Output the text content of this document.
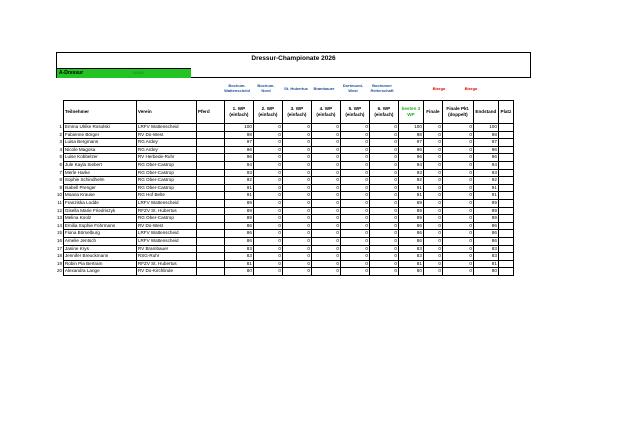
Dressur-Championate 2026
A-Dressur	LK6,6
Bochum-
Wattenscheid
Bochum-
Nord	St. Hubertus	Brambauer
Dortmund-
West
Bochumer
Reiterschaft	Bisrgo	Bisrgo
	Teilnehmer	Verein	Pferd	1. WP (einfach)	2. WP (einfach)	3. WP (einfach)	4. WP (einfach)	5. WP (einfach)	6. WP (einfach)	besten 3 WP	Finale	Finale Pkt. (doppelt)	Endstand	Platz
1	Emma Ulrike Rosolski	LRFV Wattenscheid		100	0	0	0	0	0	100	0	0	100	
2	Fabienne Börger	RV Do-West		98	0	0	0	0	0	98	0	0	98	
3	Luisa Bergmann	RG Ardey		97	0	0	0	0	0	97	0	0	97	
4	Nicole Magosa	RG Ardey		96	0	0	0	0	0	96	0	0	96	
5	Luise Kobbelzer	RV Herbede-Ruhr		96	0	0	0	0	0	96	0	0	96	
6	Jule Kayla Siebert	RG Ober-Castrop		94	0	0	0	0	0	94	0	0	94	
7	Merle Harke	RG Ober-Castrop		93	0	0	0	0	0	93	0	0	93	
8	Sophie Schindhelm	RG Ober-Castrop		92	0	0	0	0	0	92	0	0	92	
9	Isabell Prenger	RG Ober-Castrop		91	0	0	0	0	0	91	0	0	91	
10	Moana Krause	RG Hof Belte		91	0	0	0	0	0	91	0	0	91	
11	Franziska Lodde	LRFV Wattenscheid		89	0	0	0	0	0	89	0	0	89	
12	Gisella Marie Friedriszyk	RFZV St. Hubertus		89	0	0	0	0	0	89	0	0	89	
13	Melina Koolz	RG Ober-Castrop		89	0	0	0	0	0	89	0	0	89	
14	Emilia Sophie Fohrmann	RV Do-West		86	0	0	0	0	0	86	0	0	86	
15	Fiona Bömelburg	LRFV Wattenscheid		86	0	0	0	0	0	86	0	0	86	
16	Amelie Jentsch	LRFV Wattenscheid		86	0	0	0	0	0	86	0	0	86	
17	Janine Krys	RV Brambauer		83	0	0	0	0	0	83	0	0	83	
18	Jennifer Breuckmann	RSG-Ruhr		83	0	0	0	0	0	83	0	0	83	
19	Robin Pia Bertram	RFZV St. Hubertus		81	0	0	0	0	0	81	0	0	81	
20	Alexandra Lange	RV Do-Kirchlinde		80	0	0	0	0	0	80	0	0	80	
